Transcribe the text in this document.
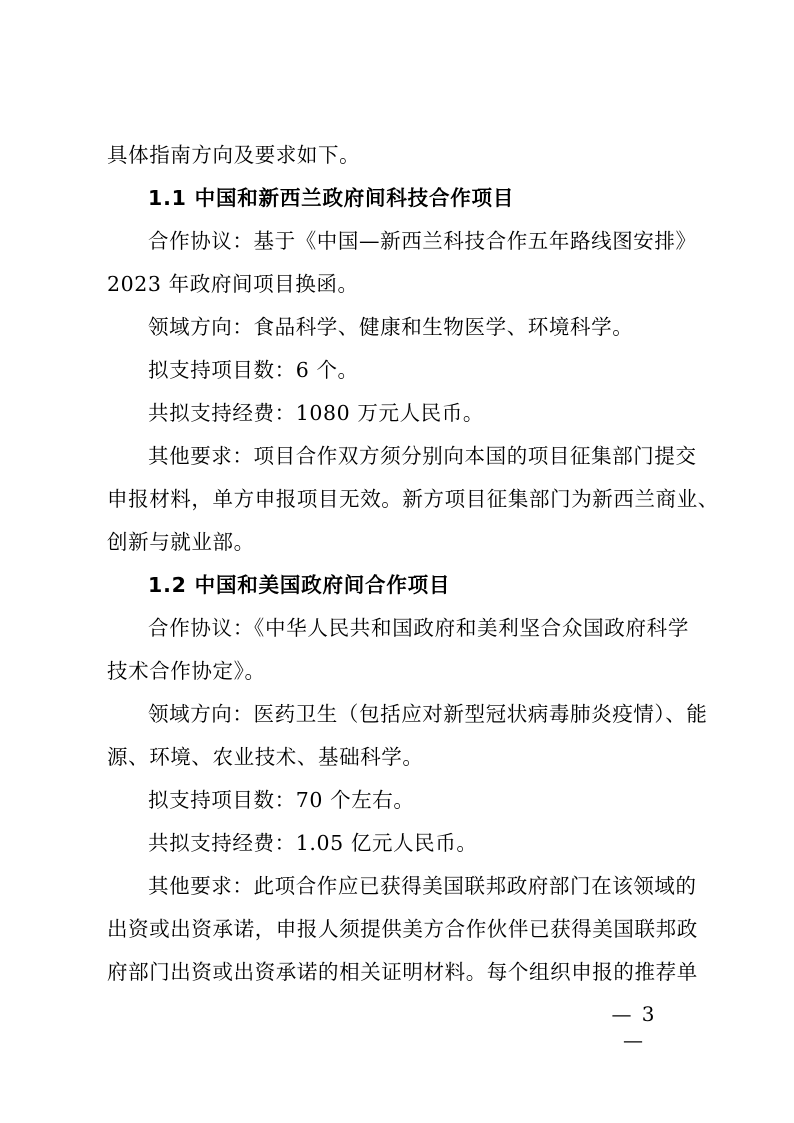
具体指南方向及要求如下。
1.1 中国和新西兰政府间科技合作项目
合作协议：基于《中国—新西兰科技合作五年路线图安排》
2023 年政府间项目换函。
领域方向：食品科学、健康和生物医学、环境科学。
拟支持项目数：6 个。
共拟支持经费：1080 万元人民币。
其他要求：项目合作双方须分别向本国的项目征集部门提交
申报材料，单方申报项目无效。新方项目征集部门为新西兰商业、
创新与就业部。
1.2 中国和美国政府间合作项目
合作协议：《中华人民共和国政府和美利坚合众国政府科学
技术合作协定》。
领域方向：医药卫生（包括应对新型冠状病毒肺炎疫情）、能
源、环境、农业技术、基础科学。
拟支持项目数：70 个左右。
共拟支持经费：1.05 亿元人民币。
其他要求：此项合作应已获得美国联邦政府部门在该领域的
出资或出资承诺，申报人须提供美方合作伙伴已获得美国联邦政
府部门出资或出资承诺的相关证明材料。每个组织申报的推荐单
— 3 —
